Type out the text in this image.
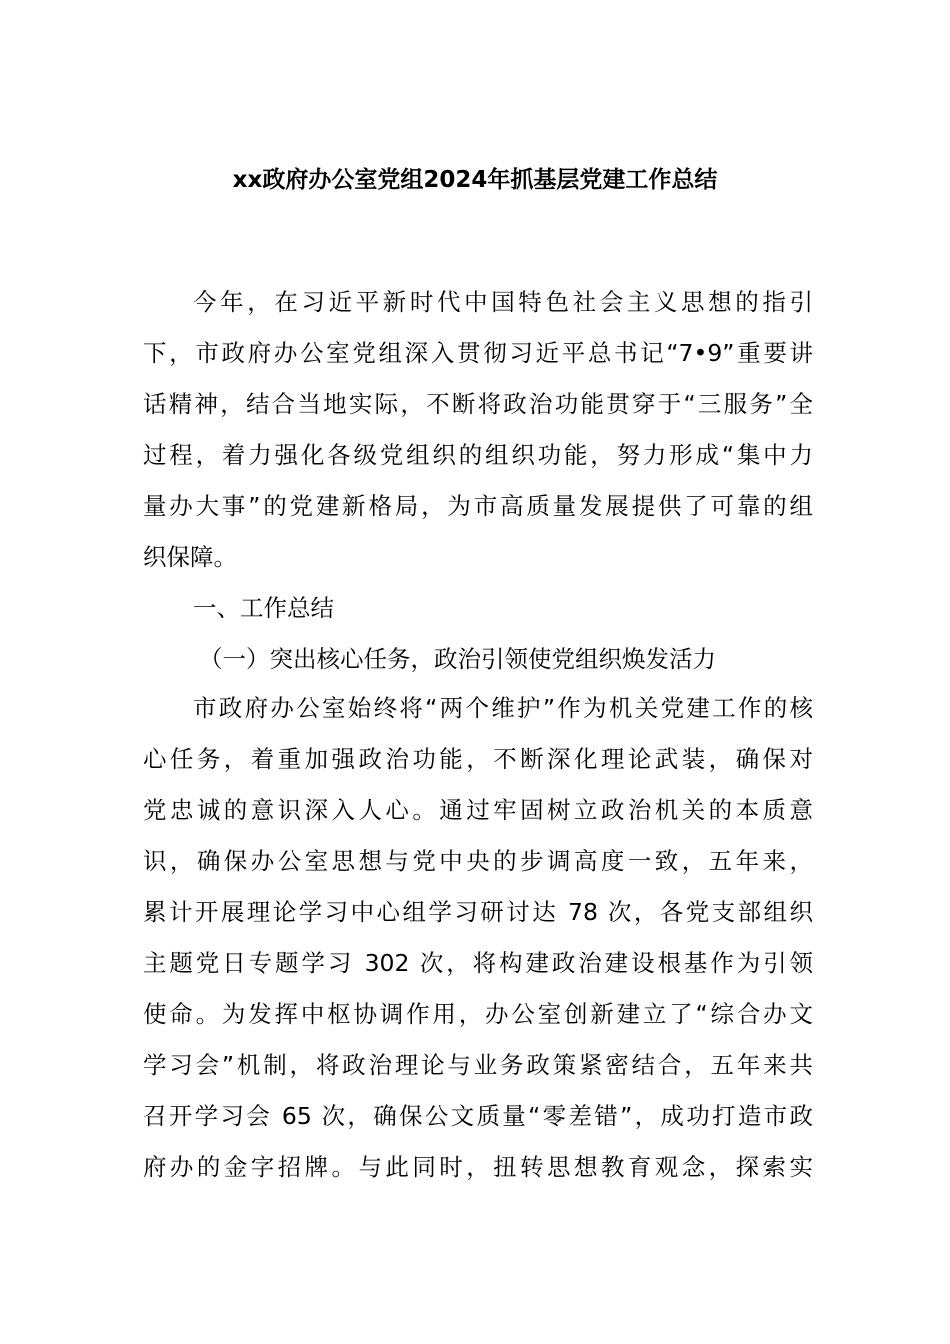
xx政府办公室党组2024年抓基层党建工作总结

今年，在习近平新时代中国特色社会主义思想的指引

下，市政府办公室党组深入贯彻习近平总书记“7•9”重要讲

话精神，结合当地实际，不断将政治功能贯穿于“三服务”全

过程，着力强化各级党组织的组织功能，努力形成“集中力

量办大事”的党建新格局，为市高质量发展提供了可靠的组

织保障。

一、工作总结

（一）突出核心任务，政治引领使党组织焕发活力

市政府办公室始终将“两个维护”作为机关党建工作的核

心任务，着重加强政治功能，不断深化理论武装，确保对

党忠诚的意识深入人心。通过牢固树立政治机关的本质意

识，确保办公室思想与党中央的步调高度一致，五年来，

累计开展理论学习中心组学习研讨达 78 次，各党支部组织

主题党日专题学习 302 次，将构建政治建设根基作为引领

使命。为发挥中枢协调作用，办公室创新建立了“综合办文

学习会”机制，将政治理论与业务政策紧密结合，五年来共

召开学习会 65 次，确保公文质量“零差错”，成功打造市政

府办的金字招牌。与此同时，扭转思想教育观念，探索实
